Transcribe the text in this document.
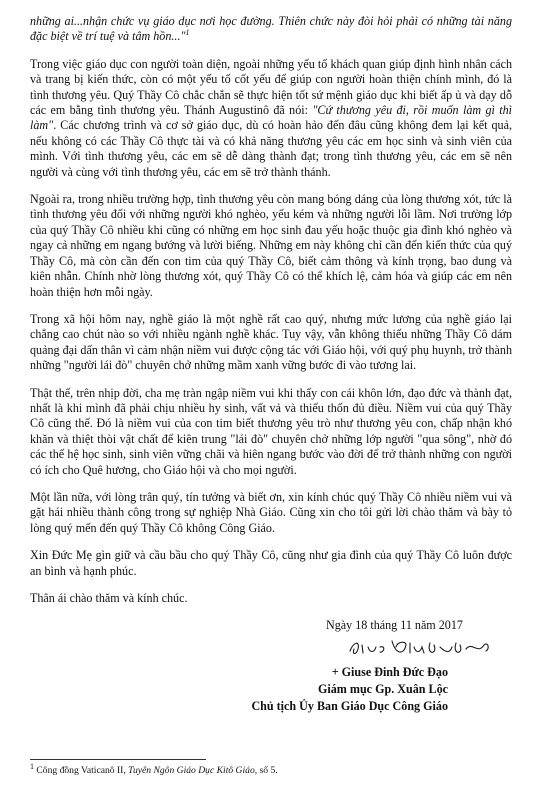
những ai...nhận chức vụ giáo dục nơi học đường. Thiên chức này đòi hỏi phải có những tài năng đặc biệt về trí tuệ và tâm hồn..."$^1$

Trong việc giáo dục con người toàn diện, ngoài những yếu tố khách quan giúp định hình nhân cách và trang bị kiến thức, còn có một yếu tố cốt yếu để giúp con người hoàn thiện chính mình, đó là tình thương yêu. Quý Thầy Cô chắc chắn sẽ thực hiện tốt sứ mệnh giáo dục khi biết ấp ủ và dạy dỗ các em bằng tình thương yêu. Thánh Augustinô đã nói: "Cứ thương yêu đi, rồi muốn làm gì thì làm". Các chương trình và cơ sở giáo dục, dù có hoàn hảo đến đâu cũng không đem lại kết quả, nếu không có các Thầy Cô thực tài và có khả năng thương yêu các em học sinh và sinh viên của mình. Với tình thương yêu, các em sẽ dễ dàng thành đạt; trong tình thương yêu, các em sẽ nên người và cùng với tình thương yêu, các em sẽ trở thành thánh.

Ngoài ra, trong nhiều trường hợp, tình thương yêu còn mang bóng dáng của lòng thương xót, tức là tình thương yêu đối với những người khó nghèo, yếu kém và những người lỗi lầm. Nơi trường lớp của quý Thầy Cô nhiều khi cũng có những em học sinh đau yếu hoặc thuộc gia đình khó nghèo và ngay cả những em ngang bướng và lười biếng. Những em này không chỉ cần đến kiến thức của quý Thầy Cô, mà còn cần đến con tim của quý Thầy Cô, biết cảm thông và kính trọng, bao dung và kiên nhẫn. Chính nhờ lòng thương xót, quý Thầy Cô có thể khích lệ, cảm hóa và giúp các em nên hoàn thiện hơn mỗi ngày.

Trong xã hội hôm nay, nghề giáo là một nghề rất cao quý, nhưng mức lương của nghề giáo lại chẳng cao chút nào so với nhiều ngành nghề khác. Tuy vậy, vẫn không thiếu những Thầy Cô dám quảng đại dấn thân vì cảm nhận niềm vui được cộng tác với Giáo hội, với quý phụ huynh, trở thành những "người lái đò" chuyên chở những mầm xanh vững bước đi vào tương lai.

Thật thế, trên nhịp đời, cha mẹ tràn ngập niềm vui khi thấy con cái khôn lớn, đạo đức và thành đạt, nhất là khi mình đã phải chịu nhiều hy sinh, vất vả và thiếu thốn đủ điều. Niềm vui của quý Thầy Cô cũng thế. Đó là niềm vui của con tim biết thương yêu trò như thương yêu con, chấp nhận khó khăn và thiệt thòi vật chất để kiên trung "lái đò" chuyên chở những lớp người "qua sông", nhờ đó các thế hệ học sinh, sinh viên vững chãi và hiên ngang bước vào đời để trở thành những con người có ích cho Quê hương, cho Giáo hội và cho mọi người.

Một lần nữa, với lòng trân quý, tín tưởng và biết ơn, xin kính chúc quý Thầy Cô nhiều niềm vui và gặt hái nhiều thành công trong sự nghiệp Nhà Giáo. Cũng xin cho tôi gửi lời chào thăm và bày tỏ lòng quý mến đến quý Thầy Cô không Công Giáo.

Xin Đức Mẹ gìn giữ và cầu bầu cho quý Thầy Cô, cũng như gia đình của quý Thầy Cô luôn được an bình và hạnh phúc.

Thân ái chào thăm và kính chúc.

Ngày 18 tháng 11 năm 2017
+ Giuse Đinh Đức Đạo
Giám mục Gp. Xuân Lộc
Chủ tịch Ủy Ban Giáo Dục Công Giáo
$^1$ Công đồng Vaticanô II, Tuyên Ngôn Giáo Dục Kitô Giáo, số 5.
